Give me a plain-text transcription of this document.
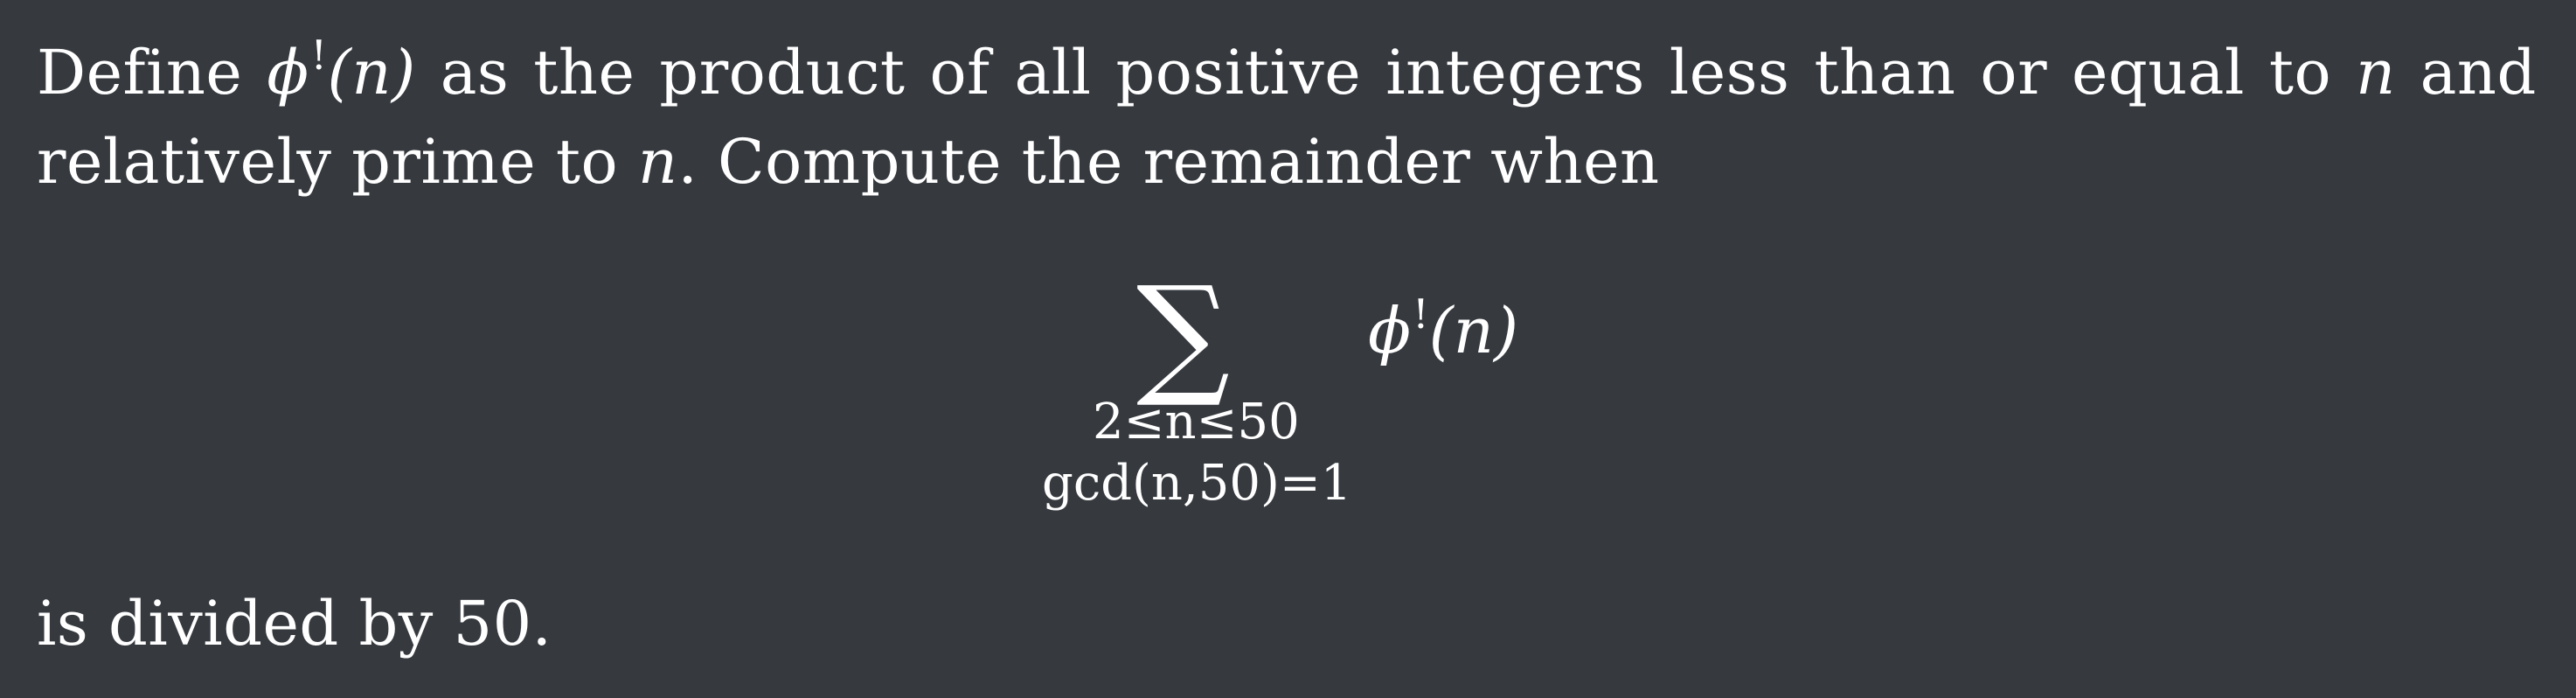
Define ϕ!(n) as the product of all positive integers less than or equal to n and
relatively prime to n. Compute the remainder when
∑ ϕ!(n)
2≤n≤50
gcd(n,50)=1
is divided by 50.
